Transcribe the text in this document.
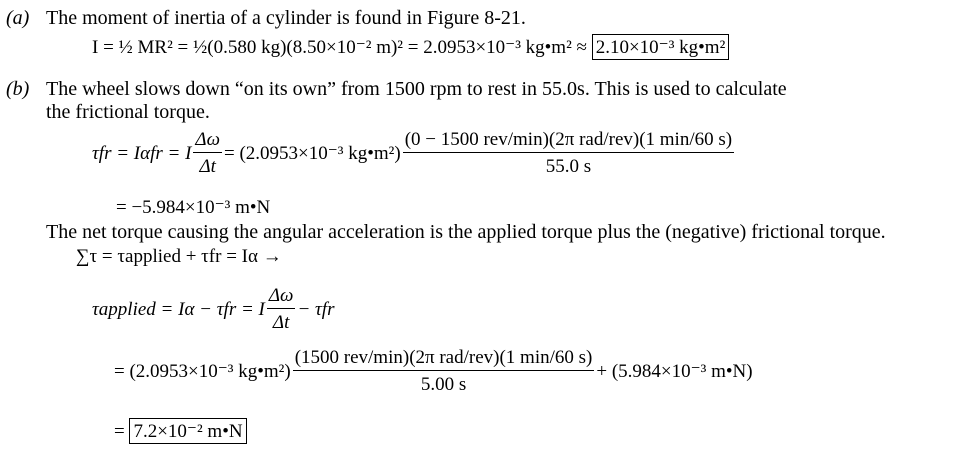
(a) The moment of inertia of a cylinder is found in Figure 8-21.
I = ½ MR² = ½(0.580 kg)(8.50×10⁻² m)² = 2.0953×10⁻³ kg•m² ≈ 2.10×10⁻³ kg•m²
(b) The wheel slows down “on its own” from 1500 rpm to rest in 55.0s. This is used to calculate
the frictional torque.
τfr = Iαfr = I $\frac{\Delta\omega}{\Delta t} = (2.0953\times 10^{-3}$ kg•m²) $\frac{\text{(0 − 1500 rev/min)(2π rad/rev)(1 min/60 s)}}{55.0 s}$
= −5.984×10⁻³ m•N
The net torque causing the angular acceleration is the applied torque plus the (negative) frictional torque.
∑τ = τapplied + τfr = Iα →
τapplied = Iα − τfr = I $\frac{\Delta\omega}{\Delta t} - \tau fr$
= (2.0953×10⁻³ kg•m²) $\frac{\text{(1500 rev/min)(2π rad/rev)(1 min/60 s)}}{5.00 s} + (5.984\times 10^{-3}$ m•N)
= 7.2×10⁻² m•N
